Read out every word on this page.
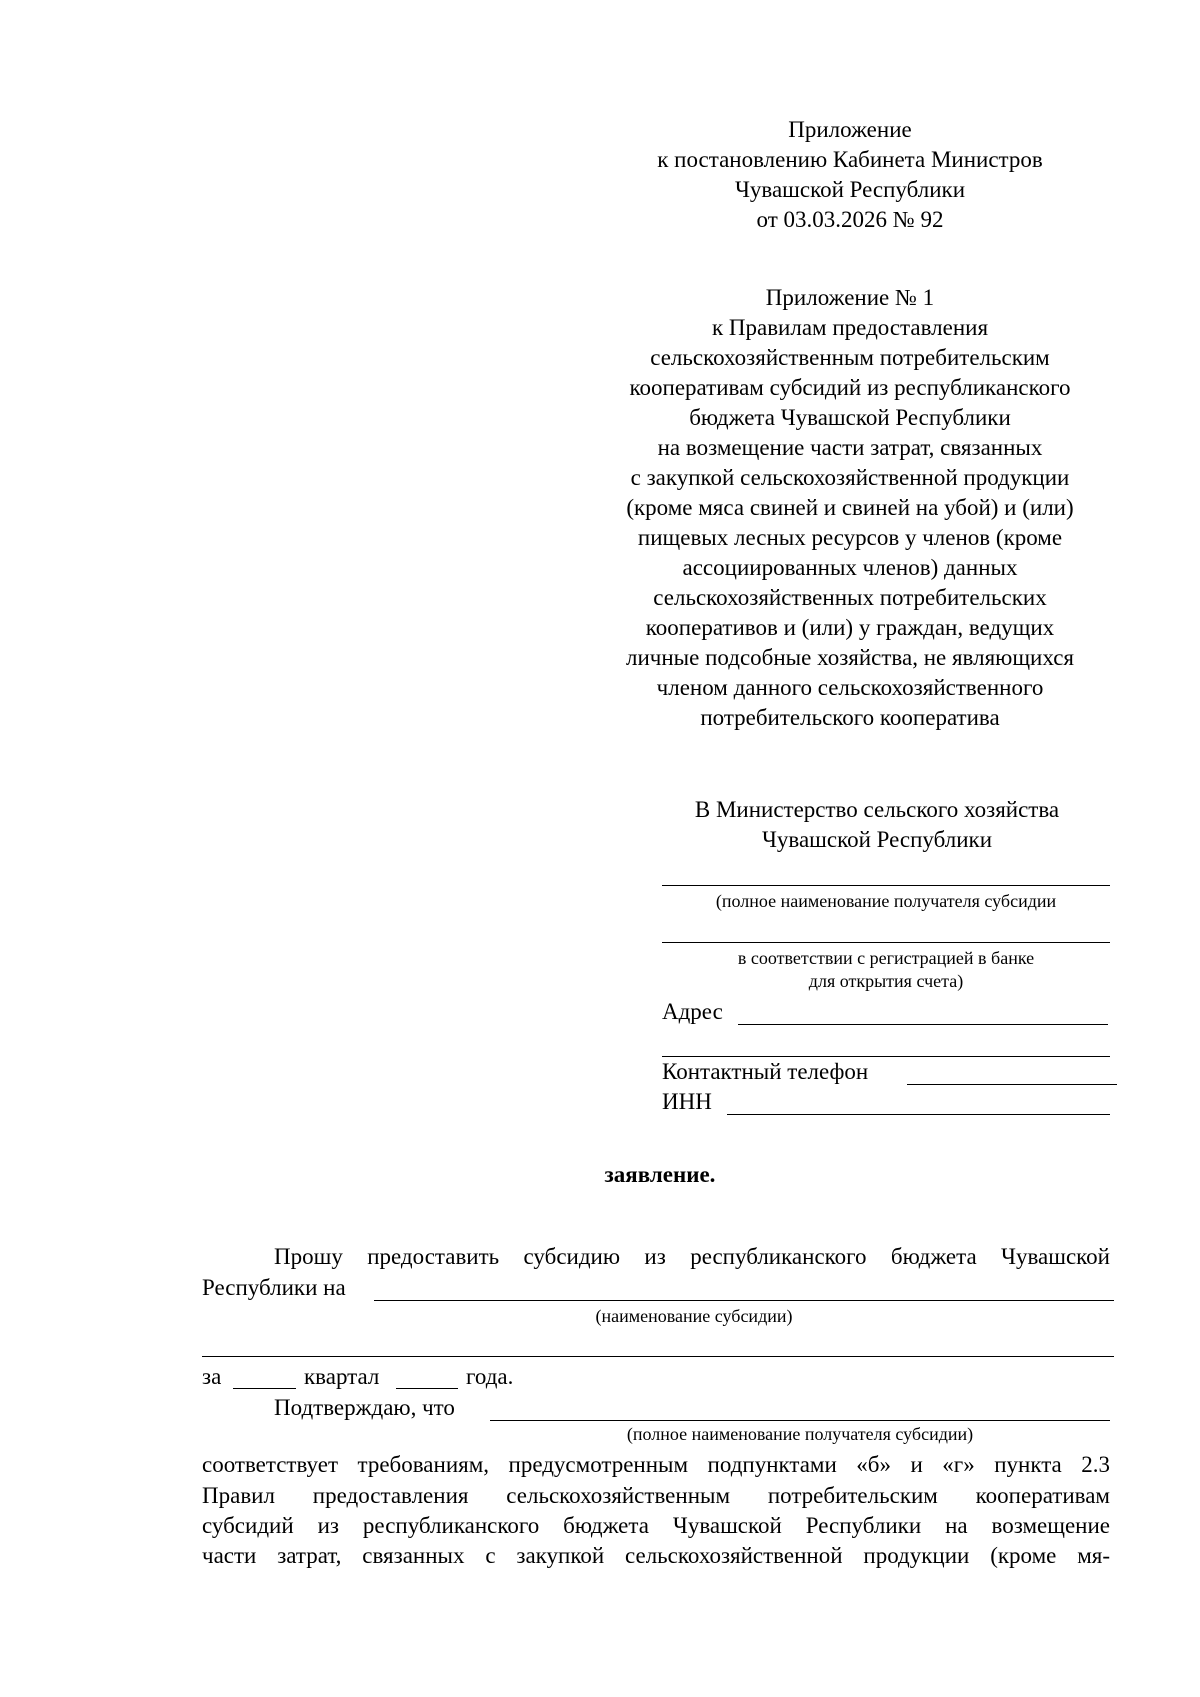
Приложение
к постановлению Кабинета Министров
Чувашской Республики
от 03.03.2026 № 92
Приложение № 1
к Правилам предоставления
сельскохозяйственным потребительским
кооперативам субсидий из республиканского
бюджета Чувашской Республики
на возмещение части затрат, связанных
с закупкой сельскохозяйственной продукции
(кроме мяса свиней и свиней на убой) и (или)
пищевых лесных ресурсов у членов (кроме
ассоциированных членов) данных
сельскохозяйственных потребительских
кооперативов и (или) у граждан, ведущих
личные подсобные хозяйства, не являющихся
членом данного сельскохозяйственного
потребительского кооператива
В Министерство сельского хозяйства
Чувашской Республики
(полное наименование получателя субсидии
в соответствии с регистрацией в банке
для открытия счета)
Адрес
Контактный телефон
ИНН
заявление.
Прошу предоставить субсидию из республиканского бюджета Чувашской
Республики на
(наименование субсидии)
за	квартал	года.
Подтверждаю, что
(полное наименование получателя субсидии)
соответствует требованиям, предусмотренным подпунктами «б» и «г» пункта 2.3
Правил предоставления сельскохозяйственным потребительским кооперативам
субсидий из республиканского бюджета Чувашской Республики на возмещение
части затрат, связанных с закупкой сельскохозяйственной продукции (кроме мя-
